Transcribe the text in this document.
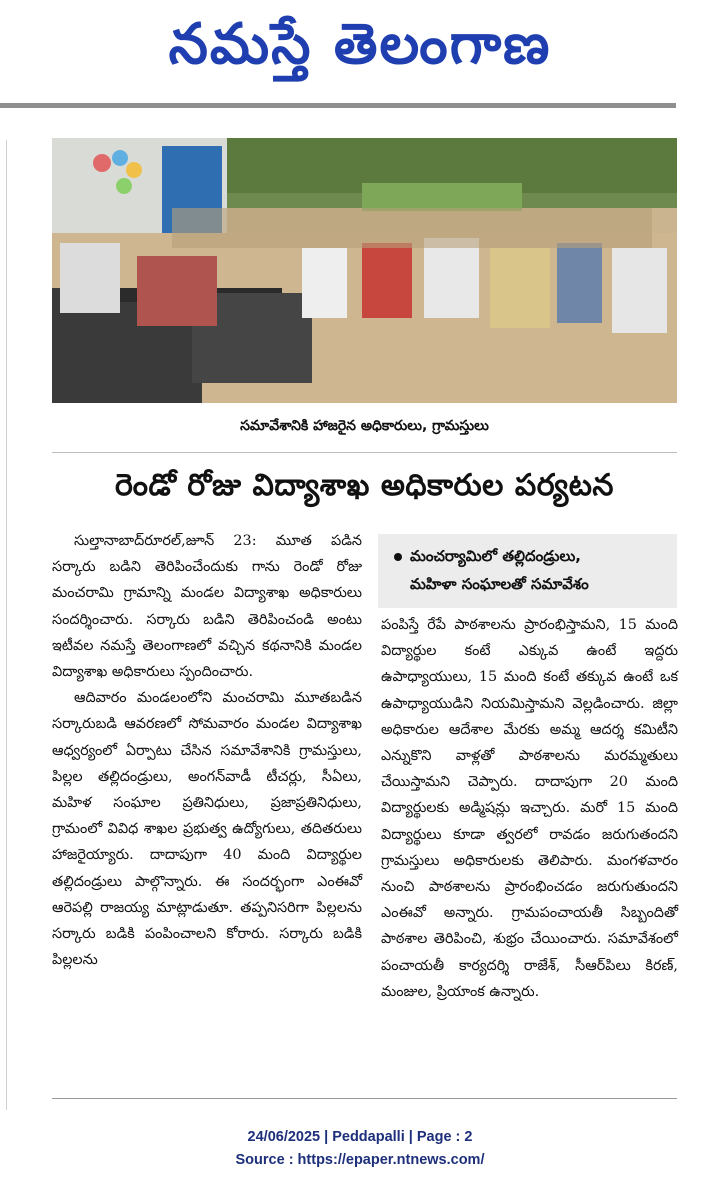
నమస్తే తెలంగాణ
సమావేశానికి హాజరైన అధికారులు, గ్రామస్తులు
రెండో రోజు విద్యాశాఖ అధికారుల పర్యటన

సుల్తానాబాద్‌రూరల్,జూన్ 23: మూత పడిన సర్కారు బడిని తెరిపించేందుకు గాను రెండో రోజు మంచరామి గ్రామాన్ని మండల విద్యాశాఖ అధికారులు సందర్శించారు. సర్కారు బడిని తెరిపించండి అంటు ఇటీవల నమస్తే తెలంగాణలో వచ్చిన కథనానికి మండల విద్యాశాఖ అధికారులు స్పందించారు.

ఆదివారం మండలంలోని మంచరామి మూతబడిన సర్కారుబడి ఆవరణలో సోమవారం మండల విద్యాశాఖ ఆధ్వర్యంలో ఏర్పాటు చేసిన సమావేశానికి గ్రామస్తులు, పిల్లల తల్లిదండ్రులు, అంగన్‌వాడీ టీచర్లు, సీఏలు, మహిళ సంఘాల ప్రతినిధులు, ప్రజాప్రతినిధులు, గ్రామంలో వివిధ శాఖల ప్రభుత్వ ఉద్యోగులు, తదితరులు హాజరైయ్యారు. దాదాపుగా 40 మంది విద్యార్థుల తల్లిదండ్రులు పాల్గొన్నారు. ఈ సందర్భంగా ఎంఈవో ఆరెపల్లి రాజయ్య మాట్లాడుతూ. తప్పనిసరిగా పిల్లలను సర్కారు బడికి పంపించాలని కోరారు. సర్కారు బడికి పిల్లలను

మంచర్యామిలో తల్లిదండ్రులు,
మహిళా సంఘాలతో సమావేశం

పంపిస్తే రేపే పాఠశాలను ప్రారంభిస్తామని, 15 మంది విద్యార్థుల కంటే ఎక్కువ ఉంటే ఇద్దరు ఉపాధ్యాయులు, 15 మంది కంటే తక్కువ ఉంటే ఒక ఉపాధ్యాయుడిని నియమిస్తామని వెల్లడించారు. జిల్లా అధికారుల ఆదేశాల మేరకు అమ్మ ఆదర్శ కమిటీని ఎన్నుకొని వాళ్లతో పాఠశాలను మరమ్మతులు చేయిస్తామని చెప్పారు. దాదాపుగా 20 మంది విద్యార్థులకు అడ్మిషన్లు ఇచ్చారు. మరో 15 మంది విద్యార్థులు కూడా త్వరలో రావడం జరుగుతందని గ్రామస్తులు అధికారులకు తెలిపారు. మంగళవారం నుంచి పాఠశాలను ప్రారంభించడం జరుగుతుందని ఎంఈవో అన్నారు. గ్రామపంచాయతీ సిబ్బందితో పాఠశాల తెరిపించి, శుభ్రం చేయించారు. సమావేశంలో పంచాయతీ కార్యదర్శి రాజేశ్, సీఆర్‌పిలు కిరణ్, మంజుల, ప్రియాంక ఉన్నారు.

24/06/2025 | Peddapalli | Page : 2
Source : https://epaper.ntnews.com/
